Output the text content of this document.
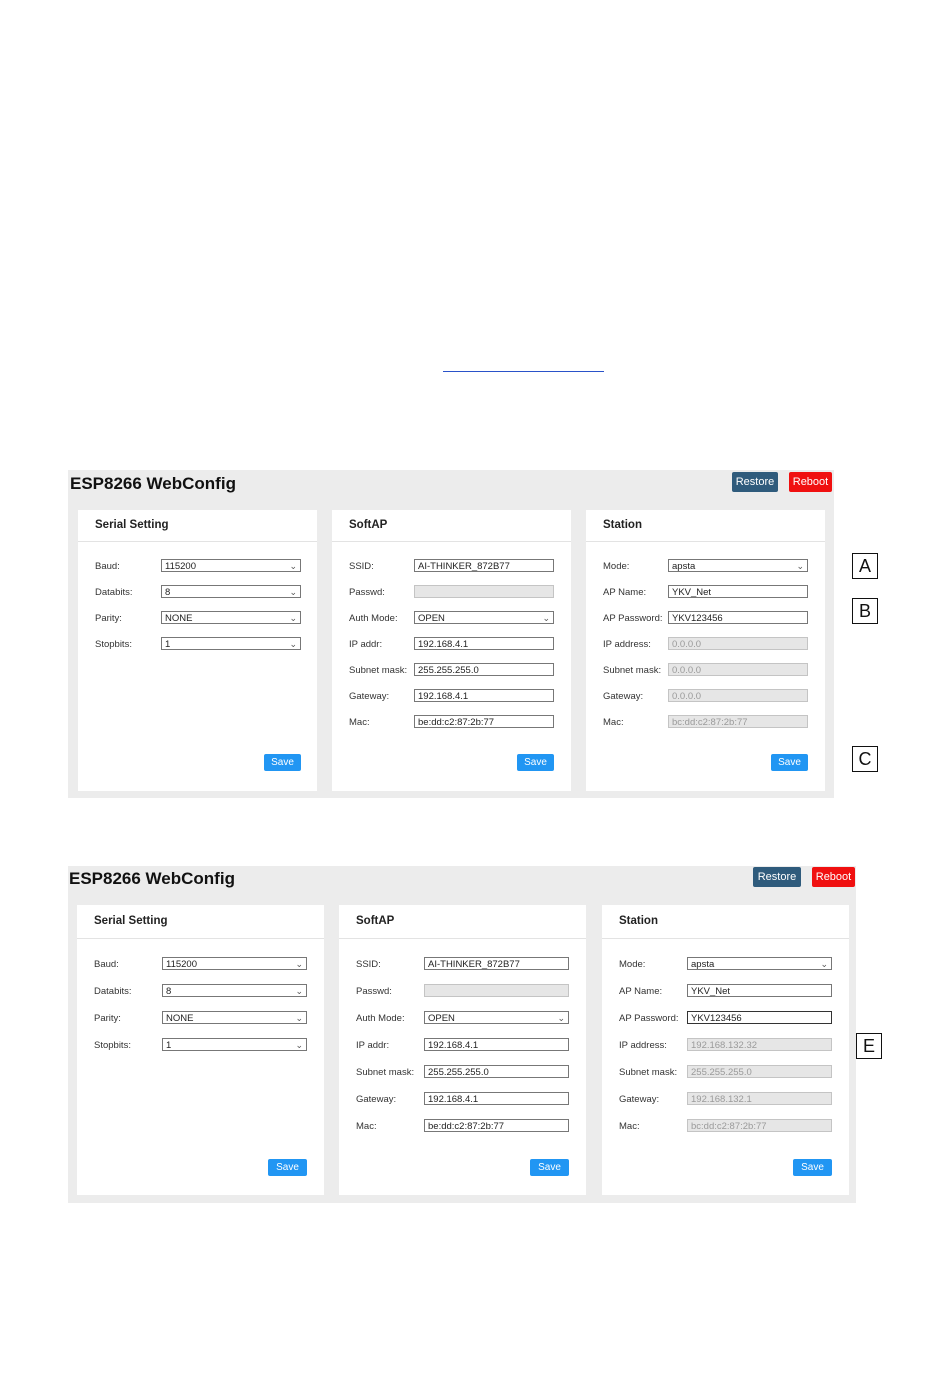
ESP8266 WebConfig	Restore	Reboot
Serial Setting
Baud:	115200	⌄
Databits:	8	⌄
Parity:	NONE	⌄
Stopbits:	1	⌄
Save
SoftAP
SSID:	AI-THINKER_872B77
Passwd:
Auth Mode:	OPEN	⌄
IP addr:	192.168.4.1
Subnet mask:	255.255.255.0
Gateway:	192.168.4.1
Mac:	be:dd:c2:87:2b:77
Save
Station
Mode:	apsta	⌄
AP Name:	YKV_Net
AP Password:	YKV123456
IP address:	0.0.0.0
Subnet mask:	0.0.0.0
Gateway:	0.0.0.0
Mac:	bc:dd:c2:87:2b:77
Save
A
B
C
ESP8266 WebConfig	Restore	Reboot
Serial Setting
Baud:	115200	⌄
Databits:	8	⌄
Parity:	NONE	⌄
Stopbits:	1	⌄
Save
SoftAP
SSID:	AI-THINKER_872B77
Passwd:
Auth Mode:	OPEN	⌄
IP addr:	192.168.4.1
Subnet mask:	255.255.255.0
Gateway:	192.168.4.1
Mac:	be:dd:c2:87:2b:77
Save
Station
Mode:	apsta	⌄
AP Name:	YKV_Net
AP Password:	YKV123456
IP address:	192.168.132.32
Subnet mask:	255.255.255.0
Gateway:	192.168.132.1
Mac:	bc:dd:c2:87:2b:77
Save
E
